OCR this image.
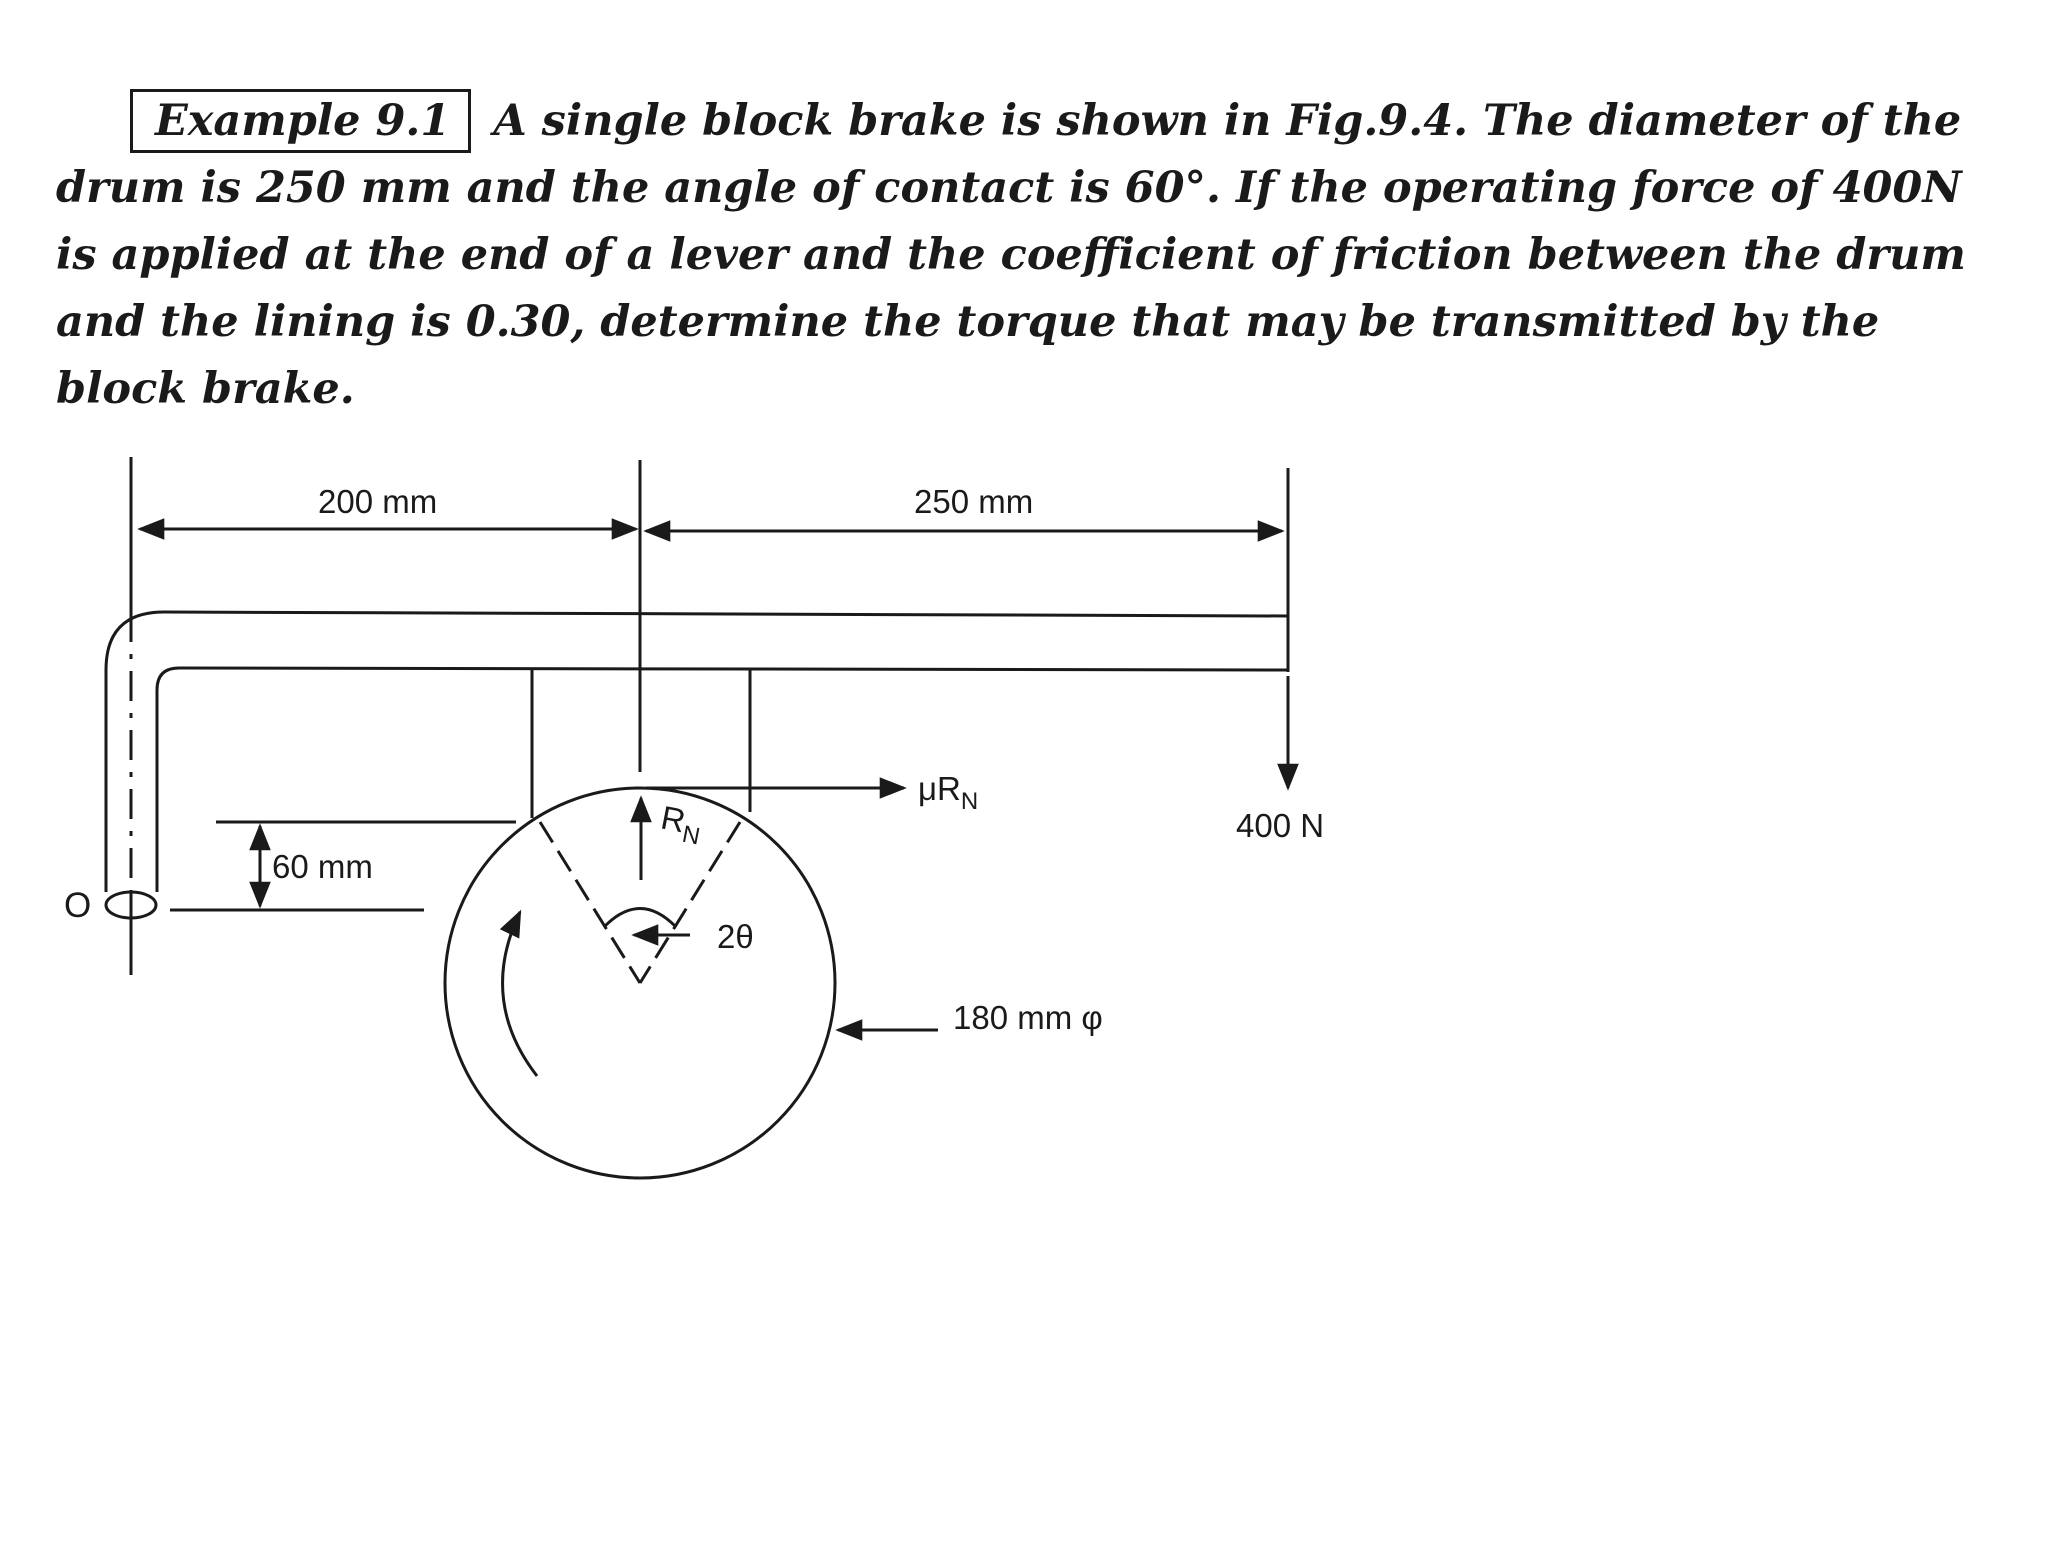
Example 9.1 A single block brake is shown in Fig.9.4. The diameter of the drum is 250 mm and the angle of contact is 60°. If the operating force of 400N is applied at the end of a lever and the coefficient of friction between the drum and the lining is 0.30, determine the torque that may be transmitted by the block brake.

200 mm	250 mm
60 mm
O
$R_N$
$\mu R_N$
2θ
400 N
180 mm φ
